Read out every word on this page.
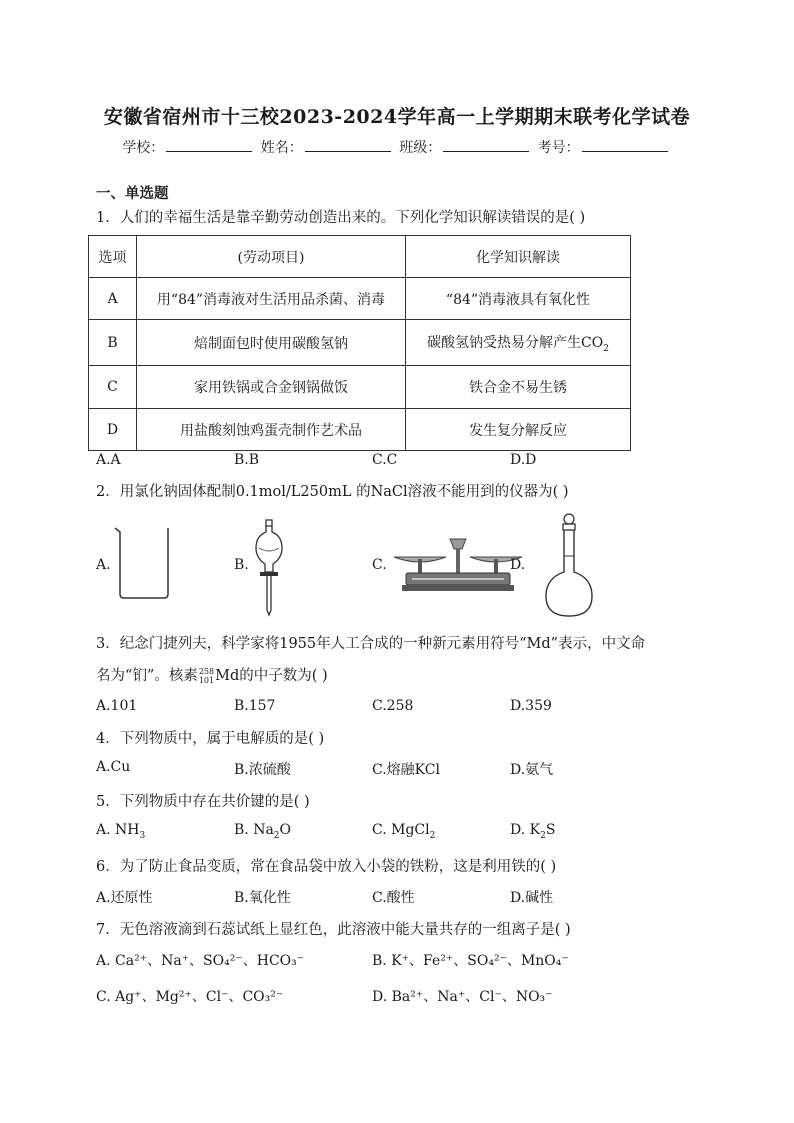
安徽省宿州市十三校2023-2024学年高一上学期期末联考化学试卷
学校：	姓名：	班级：	考号：
一、单选题
1．人们的幸福生活是靠辛勤劳动创造出来的。下列化学知识解读错误的是( )
选项	(劳动项目)	化学知识解读
A	用“84”消毒液对生活用品杀菌、消毒	“84”消毒液具有氧化性
B	焙制面包时使用碳酸氢钠	碳酸氢钠受热易分解产生$CO_2$
C	家用铁锅或合金钢锅做饭	铁合金不易生锈
D	用盐酸刻蚀鸡蛋壳制作艺术品	发生复分解反应
A.A	B.B	C.C	D.D
2．用氯化钠固体配制0.1mol/L250mL 的NaCl溶液不能用到的仪器为( )
A.	B.	C.	D.
3．纪念门捷列夫，科学家将1955年人工合成的一种新元素用符号“Md”表示，中文命
名为“钔”。核素258
101Md的中子数为( )
A.101	B.157	C.258	D.359
4．下列物质中，属于电解质的是( )
A.Cu	B.浓硫酸	C.熔融KCl	D.氨气
5．下列物质中存在共价键的是( )
A. $NH_3$	B. $Na_2O$	C. MgCl$_2$	D. $K_2S$
6．为了防止食品变质，常在食品袋中放入小袋的铁粉，这是利用铁的( )
A.还原性	B.氧化性	C.酸性	D.碱性
7．无色溶液滴到石蕊试纸上显红色，此溶液中能大量共存的一组离子是( )
A. Ca²⁺、Na⁺、SO₄²⁻、HCO₃⁻	B. K⁺、Fe²⁺、SO₄²⁻、MnO₄⁻
C. Ag⁺、Mg²⁺、Cl⁻、CO₃²⁻	D. Ba²⁺、Na⁺、Cl⁻、NO₃⁻
